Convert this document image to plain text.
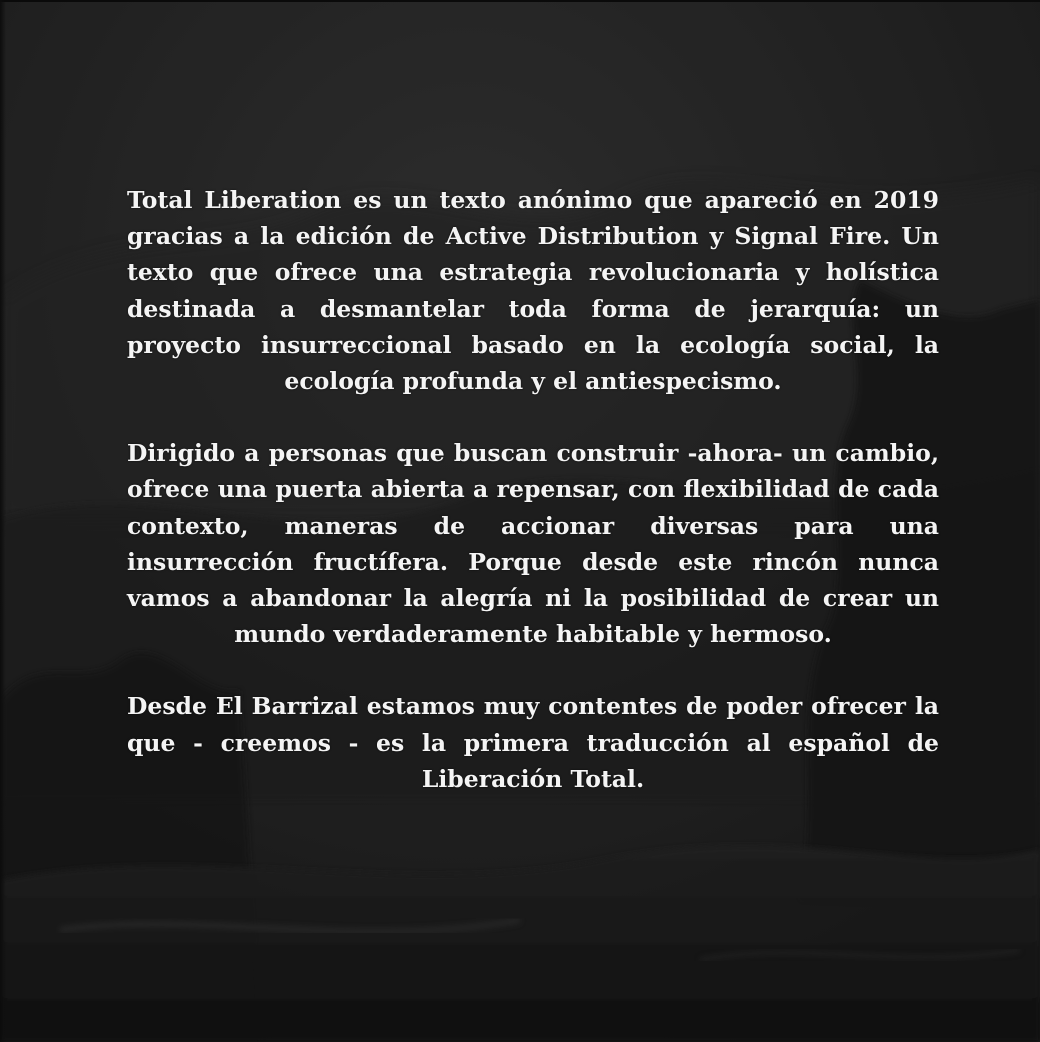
Total Liberation es un texto anónimo que apareció en 2019 gracias a la edición de Active Distribution y Signal Fire. Un texto que ofrece una estrategia revolucionaria y holística destinada a desmantelar toda forma de jerarquía: un proyecto insurreccional basado en la ecología social, la ecología profunda y el antiespecismo.

Dirigido a personas que buscan construir -ahora- un cambio, ofrece una puerta abierta a repensar, con flexibilidad de cada contexto, maneras de accionar diversas para una insurrección fructífera. Porque desde este rincón nunca vamos a abandonar la alegría ni la posibilidad de crear un mundo verdaderamente habitable y hermoso.

Desde El Barrizal estamos muy contentes de poder ofrecer la que - creemos - es la primera traducción al español de Liberación Total.
